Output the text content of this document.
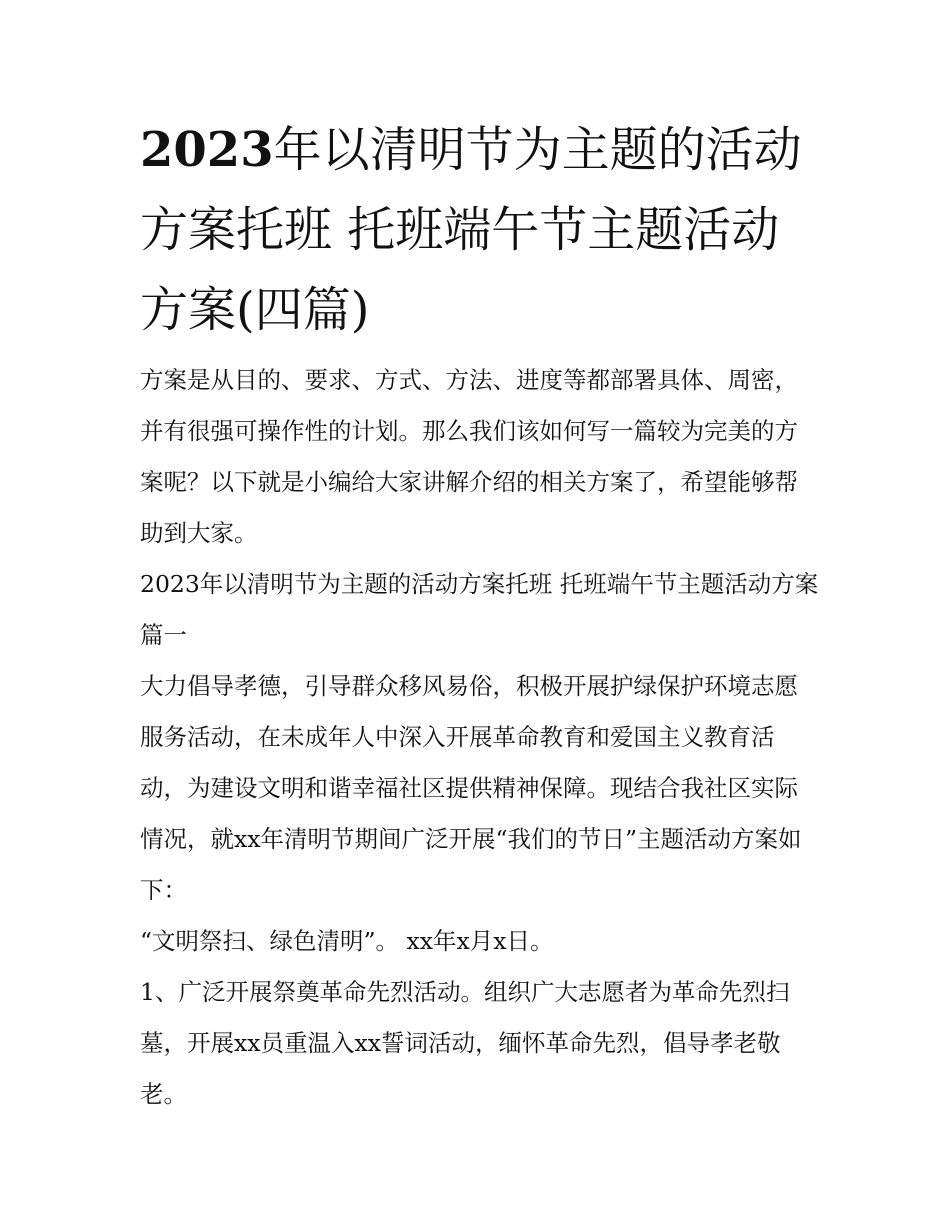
2023年以清明节为主题的活动方案托班 托班端午节主题活动方案(四篇)

方案是从目的、要求、方式、方法、进度等都部署具体、周密，并有很强可操作性的计划。那么我们该如何写一篇较为完美的方案呢？以下就是小编给大家讲解介绍的相关方案了，希望能够帮助到大家。

2023年以清明节为主题的活动方案托班 托班端午节主题活动方案篇一

大力倡导孝德，引导群众移风易俗，积极开展护绿保护环境志愿服务活动，在未成年人中深入开展革命教育和爱国主义教育活动，为建设文明和谐幸福社区提供精神保障。现结合我社区实际情况，就xx年清明节期间广泛开展“我们的节日”主题活动方案如下：

“文明祭扫、绿色清明”。 xx年x月x日。

1、广泛开展祭奠革命先烈活动。组织广大志愿者为革命先烈扫墓，开展xx员重温入xx誓词活动，缅怀革命先烈，倡导孝老敬老。
